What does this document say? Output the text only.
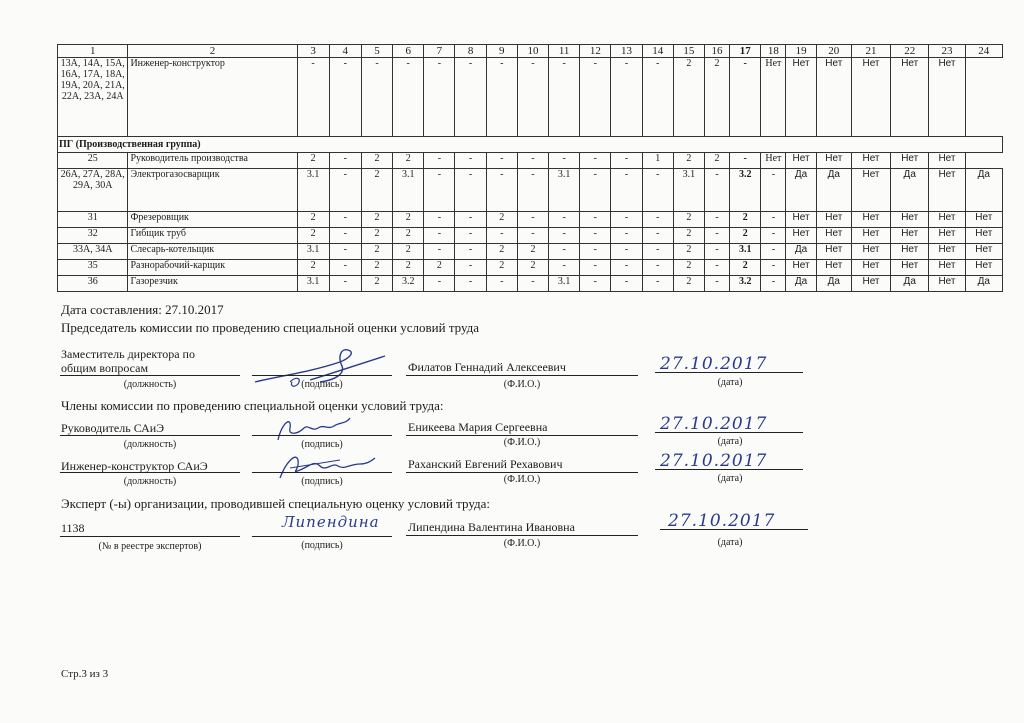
1	2	3	4	5	6	7	8	9	10	11	12	13	14	15	16	17	18	19	20	21	22	23	24
13А, 14А, 15А, 16А, 17А, 18А, 19А, 20А, 21А, 22А, 23А, 24А	Инженер-конструктор	-	-	-	-	-	-	-	-	-	-	-	-	2	2	-	Нет	Нет	Нет	Нет	Нет	Нет	
ПГ (Производственная группа)																							
25	Руководитель производства	2	-	2	2	-	-	-	-	-	-	-	1	2	2	-	Нет	Нет	Нет	Нет	Нет	Нет	
26А, 27А, 28А, 29А, 30А	Электрогазосварщик	3.1	-	2	3.1	-	-	-	-	3.1	-	-	-	3.1	-	3.2	-	Да	Да	Нет	Да	Нет	Да
31	Фрезеровщик	2	-	2	2	-	-	2	-	-	-	-	-	2	-	2	-	Нет	Нет	Нет	Нет	Нет	Нет
32	Гибщик труб	2	-	2	2	-	-	-	-	-	-	-	-	2	-	2	-	Нет	Нет	Нет	Нет	Нет	Нет
33А, 34А	Слесарь-котельщик	3.1	-	2	2	-	-	2	2	-	-	-	-	2	-	3.1	-	Да	Нет	Нет	Нет	Нет	Нет
35	Разнорабочий-карщик	2	-	2	2	2	-	2	2	-	-	-	-	2	-	2	-	Нет	Нет	Нет	Нет	Нет	Нет
36	Газорезчик	3.1	-	2	3.2	-	-	-	-	3.1	-	-	-	2	-	3.2	-	Да	Да	Нет	Да	Нет	Да
Дата составления: 27.10.2017
Председатель комиссии по проведению специальной оценки условий труда
Заместитель директора по
общим вопросам
(должность)	(подпись)
Филатов Геннадий Алексеевич
(Ф.И.О.)
27.10.2017
(дата)
Члены комиссии по проведению специальной оценки условий труда:
Руководитель САиЭ
(должность)	(подпись)
Еникеева Мария Сергеевна
(Ф.И.О.)
27.10.2017
(дата)
Инженер-конструктор САиЭ
(должность)	(подпись)
Раханский Евгений Рехавович
(Ф.И.О.)
27.10.2017
(дата)
Эксперт (-ы) организации, проводившей специальную оценку условий труда:
1138
(№ в реестре экспертов)
Липендина
(подпись)
Липендина Валентина Ивановна
(Ф.И.О.)
27.10.2017
(дата)
Стр.3 из 3
